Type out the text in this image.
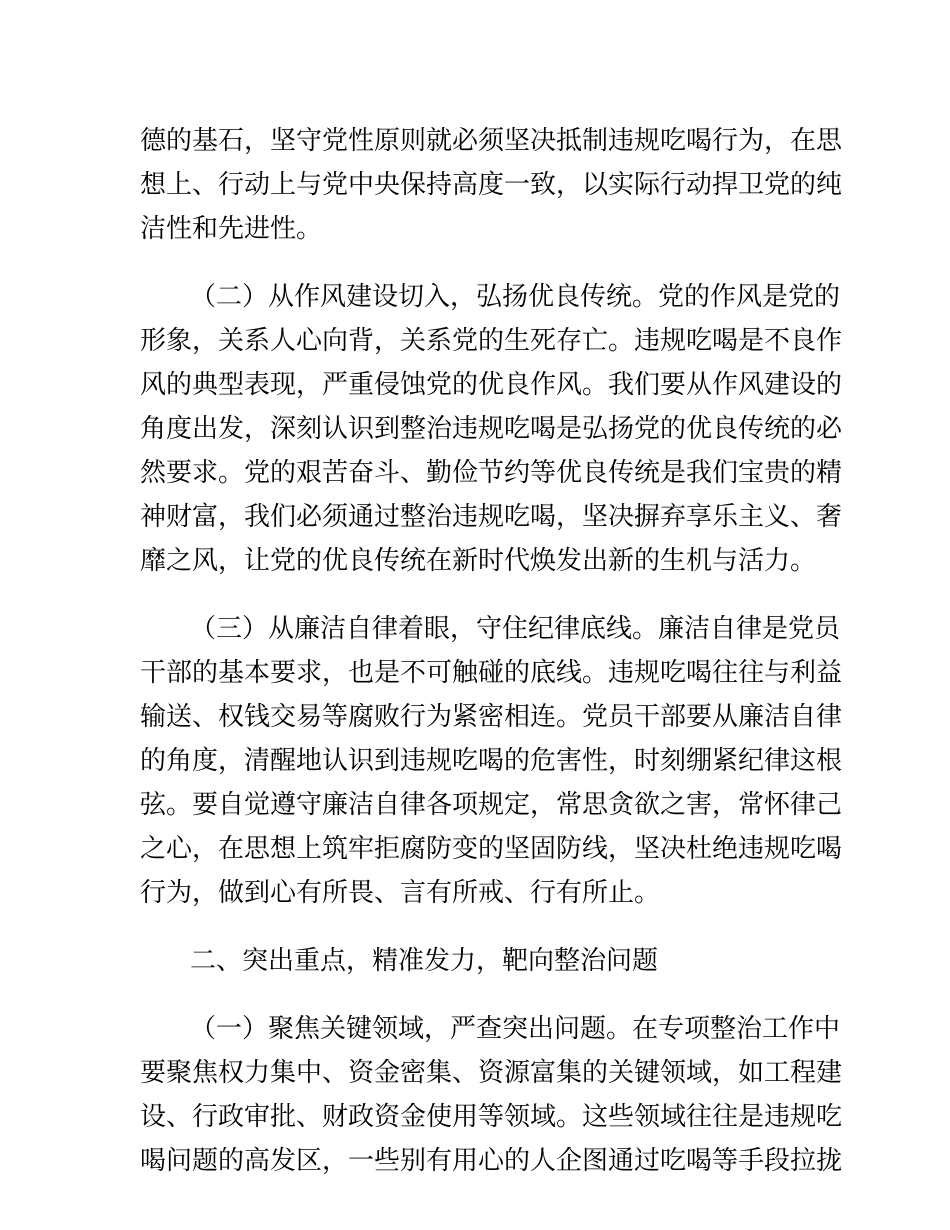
德的基石，坚守党性原则就必须坚决抵制违规吃喝行为，在思
想上、行动上与党中央保持高度一致，以实际行动捍卫党的纯
洁性和先进性。
（二）从作风建设切入，弘扬优良传统。党的作风是党的
形象，关系人心向背，关系党的生死存亡。违规吃喝是不良作
风的典型表现，严重侵蚀党的优良作风。我们要从作风建设的
角度出发，深刻认识到整治违规吃喝是弘扬党的优良传统的必
然要求。党的艰苦奋斗、勤俭节约等优良传统是我们宝贵的精
神财富，我们必须通过整治违规吃喝，坚决摒弃享乐主义、奢
靡之风，让党的优良传统在新时代焕发出新的生机与活力。
（三）从廉洁自律着眼，守住纪律底线。廉洁自律是党员
干部的基本要求，也是不可触碰的底线。违规吃喝往往与利益
输送、权钱交易等腐败行为紧密相连。党员干部要从廉洁自律
的角度，清醒地认识到违规吃喝的危害性，时刻绷紧纪律这根
弦。要自觉遵守廉洁自律各项规定，常思贪欲之害，常怀律己
之心，在思想上筑牢拒腐防变的坚固防线，坚决杜绝违规吃喝
行为，做到心有所畏、言有所戒、行有所止。
二、突出重点，精准发力，靶向整治问题
（一）聚焦关键领域，严查突出问题。在专项整治工作中
要聚焦权力集中、资金密集、资源富集的关键领域，如工程建
设、行政审批、财政资金使用等领域。这些领域往往是违规吃
喝问题的高发区，一些别有用心的人企图通过吃喝等手段拉拢
